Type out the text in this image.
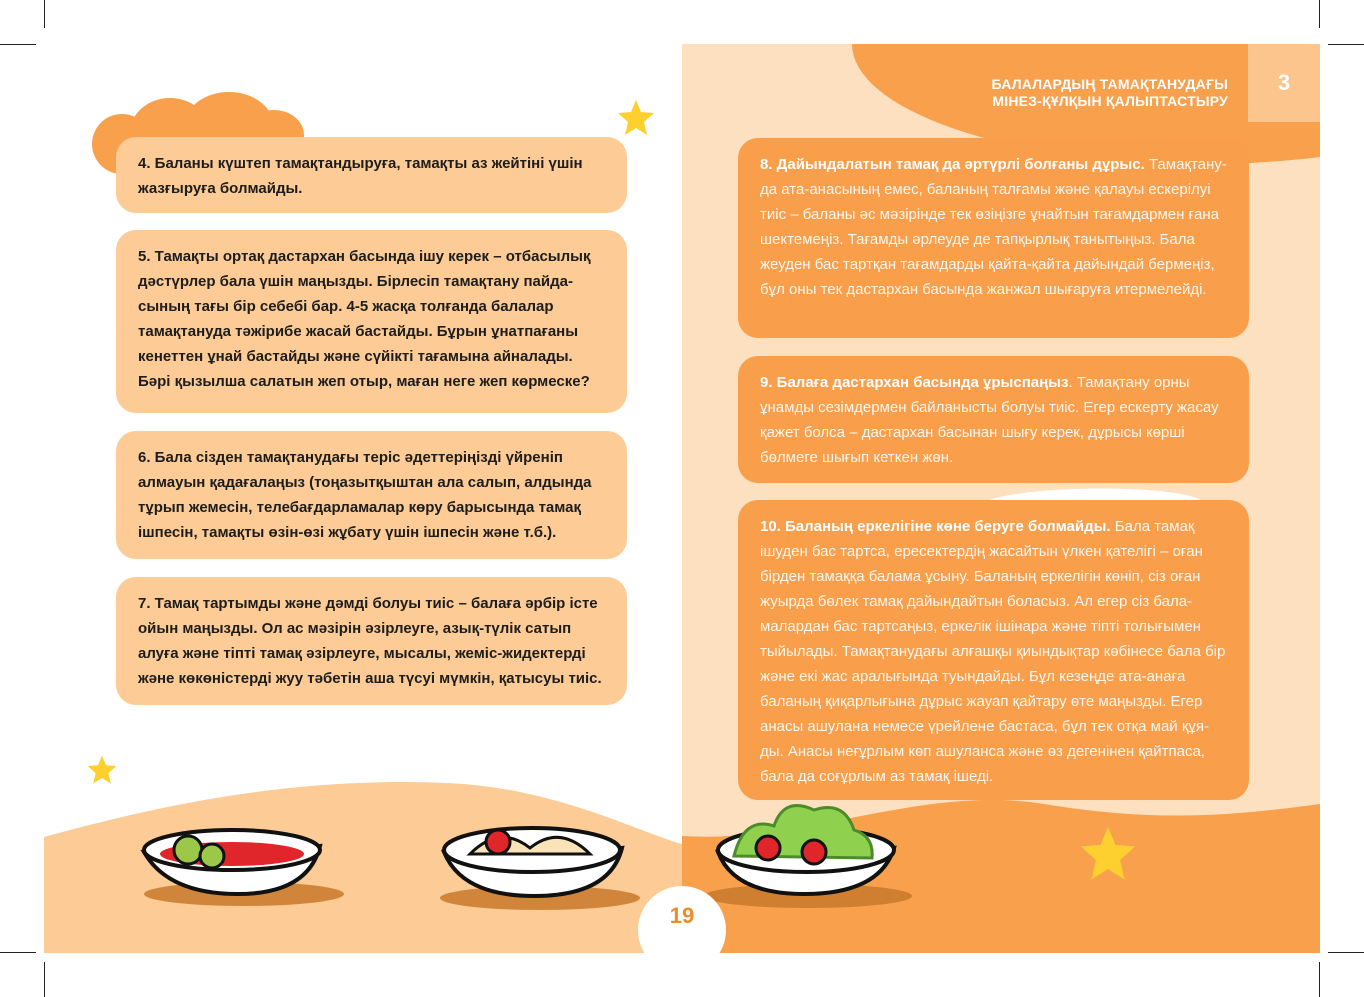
БАЛАЛАРДЫҢ ТАМАҚТАНУДАҒЫ
МІНЕЗ-ҚҰЛҚЫН ҚАЛЫПТАСТЫРУ
3
4. Баланы күштеп тамақтандыруға, тамақты аз жейтіні үшін жазғыруға болмайды.
5. Тамақты ортақ дастархан басында ішу керек – отбасылық дәстүрлер бала үшін маңызды. Бірлесіп тамақтану пайда-сының тағы бір себебі бар. 4-5 жасқа толғанда балалар тамақтануда тәжірибе жасай бастайды. Бұрын ұнатпағаны кенеттен ұнай бастайды және сүйікті тағамына айналады. Бәрі қызылша салатын жеп отыр, маған неге жеп көрмеске?
6. Бала сізден тамақтанудағы теріс әдеттеріңізді үйреніп алмауын қадағалаңыз (тоңазытқыштан ала салып, алдында тұрып жемесін, телебағдарламалар көру барысында тамақ ішпесін, тамақты өзін-өзі жұбату үшін ішпесін және т.б.).
7. Тамақ тартымды және дәмді болуы тиіс – балаға әрбір істе ойын маңызды. Ол ас мәзірін әзірлеуге, азық-түлік сатып алуға және тіпті тамақ әзірлеуге, мысалы, жеміс-жидектерді және көкөністерді жуу тәбетін аша түсуі мүмкін, қатысуы тиіс.
8. Дайындалатын тамақ да әртүрлі болғаны дұрыс. Тамақтану-да ата-анасының емес, баланың талғамы және қалауы ескерілуі тиіс – баланы әс мәзірінде тек өзіңізге ұнайтын тағамдармен ғана шектемеңіз. Тағамды әрлеуде де тапқырлық танытыңыз. Бала жеуден бас тартқан тағамдарды қайта-қайта дайындай бермеңіз, бұл оны тек дастархан басында жанжал шығаруға итермелейді.
9. Балаға дастархан басында ұрыспаңыз. Тамақтану орны ұнамды сезімдермен байланысты болуы тиіс. Егер ескерту жасау қажет болса – дастархан басынан шығу керек, дұрысы көрші бөлмеге шығып кеткен жөн.
10. Баланың еркелігіне көне беруге болмайды. Бала тамақ ішуден бас тартса, ересектердің жасайтын үлкен қателігі – оған бірден тамаққа балама ұсыну. Баланың еркелігін көніп, сіз оған жуырда бөлек тамақ дайындайтын боласыз. Ал егер сіз бала-малардан бас тартсаңыз, еркелік ішінара және тіпті толығымен тыйылады. Тамақтанудағы алғашқы қиындықтар көбінесе бала бір және екі жас аралығында туындайды. Бұл кезеңде ата-анаға баланың қиқарлығына дұрыс жауап қайтару өте маңызды. Егер анасы ашулана немесе үрейлене бастаса, бұл тек отқа май құя-ды. Анасы неғұрлым көп ашуланса және өз дегенінен қайтпаса, бала да соғұрлым аз тамақ ішеді.
19
